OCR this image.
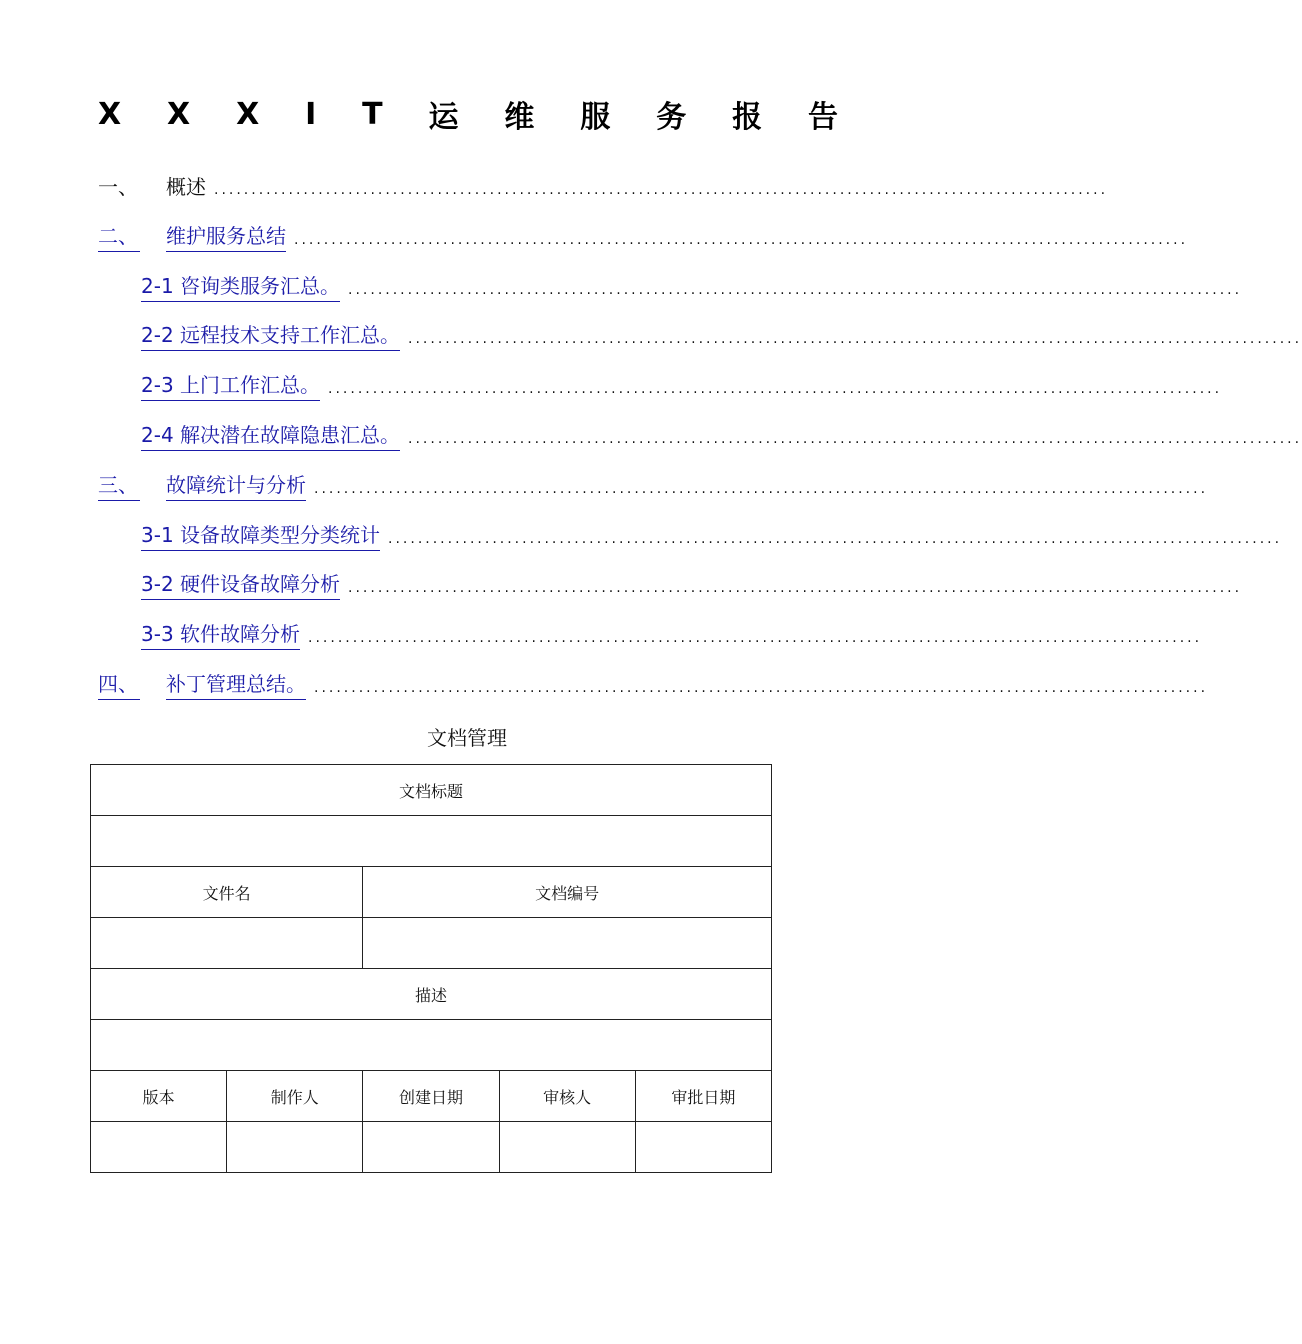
X X X I T 运 维 服 务 报 告
一、 概述 ........................................................................................................................
二、 维护服务总结 ........................................................................................................................
2-1 咨询类服务汇总。 ........................................................................................................................
2-2 远程技术支持工作汇总。 ........................................................................................................................
2-3 上门工作汇总。 ........................................................................................................................
2-4 解决潜在故障隐患汇总。 ........................................................................................................................
三、 故障统计与分析 ........................................................................................................................
3-1 设备故障类型分类统计 ........................................................................................................................
3-2 硬件设备故障分析 ........................................................................................................................
3-3 软件故障分析 ........................................................................................................................
四、 补丁管理总结。 ........................................................................................................................
文档管理
文档标题				

文件名		文档编号		

描述				

版本	制作人	创建日期	审核人	审批日期
